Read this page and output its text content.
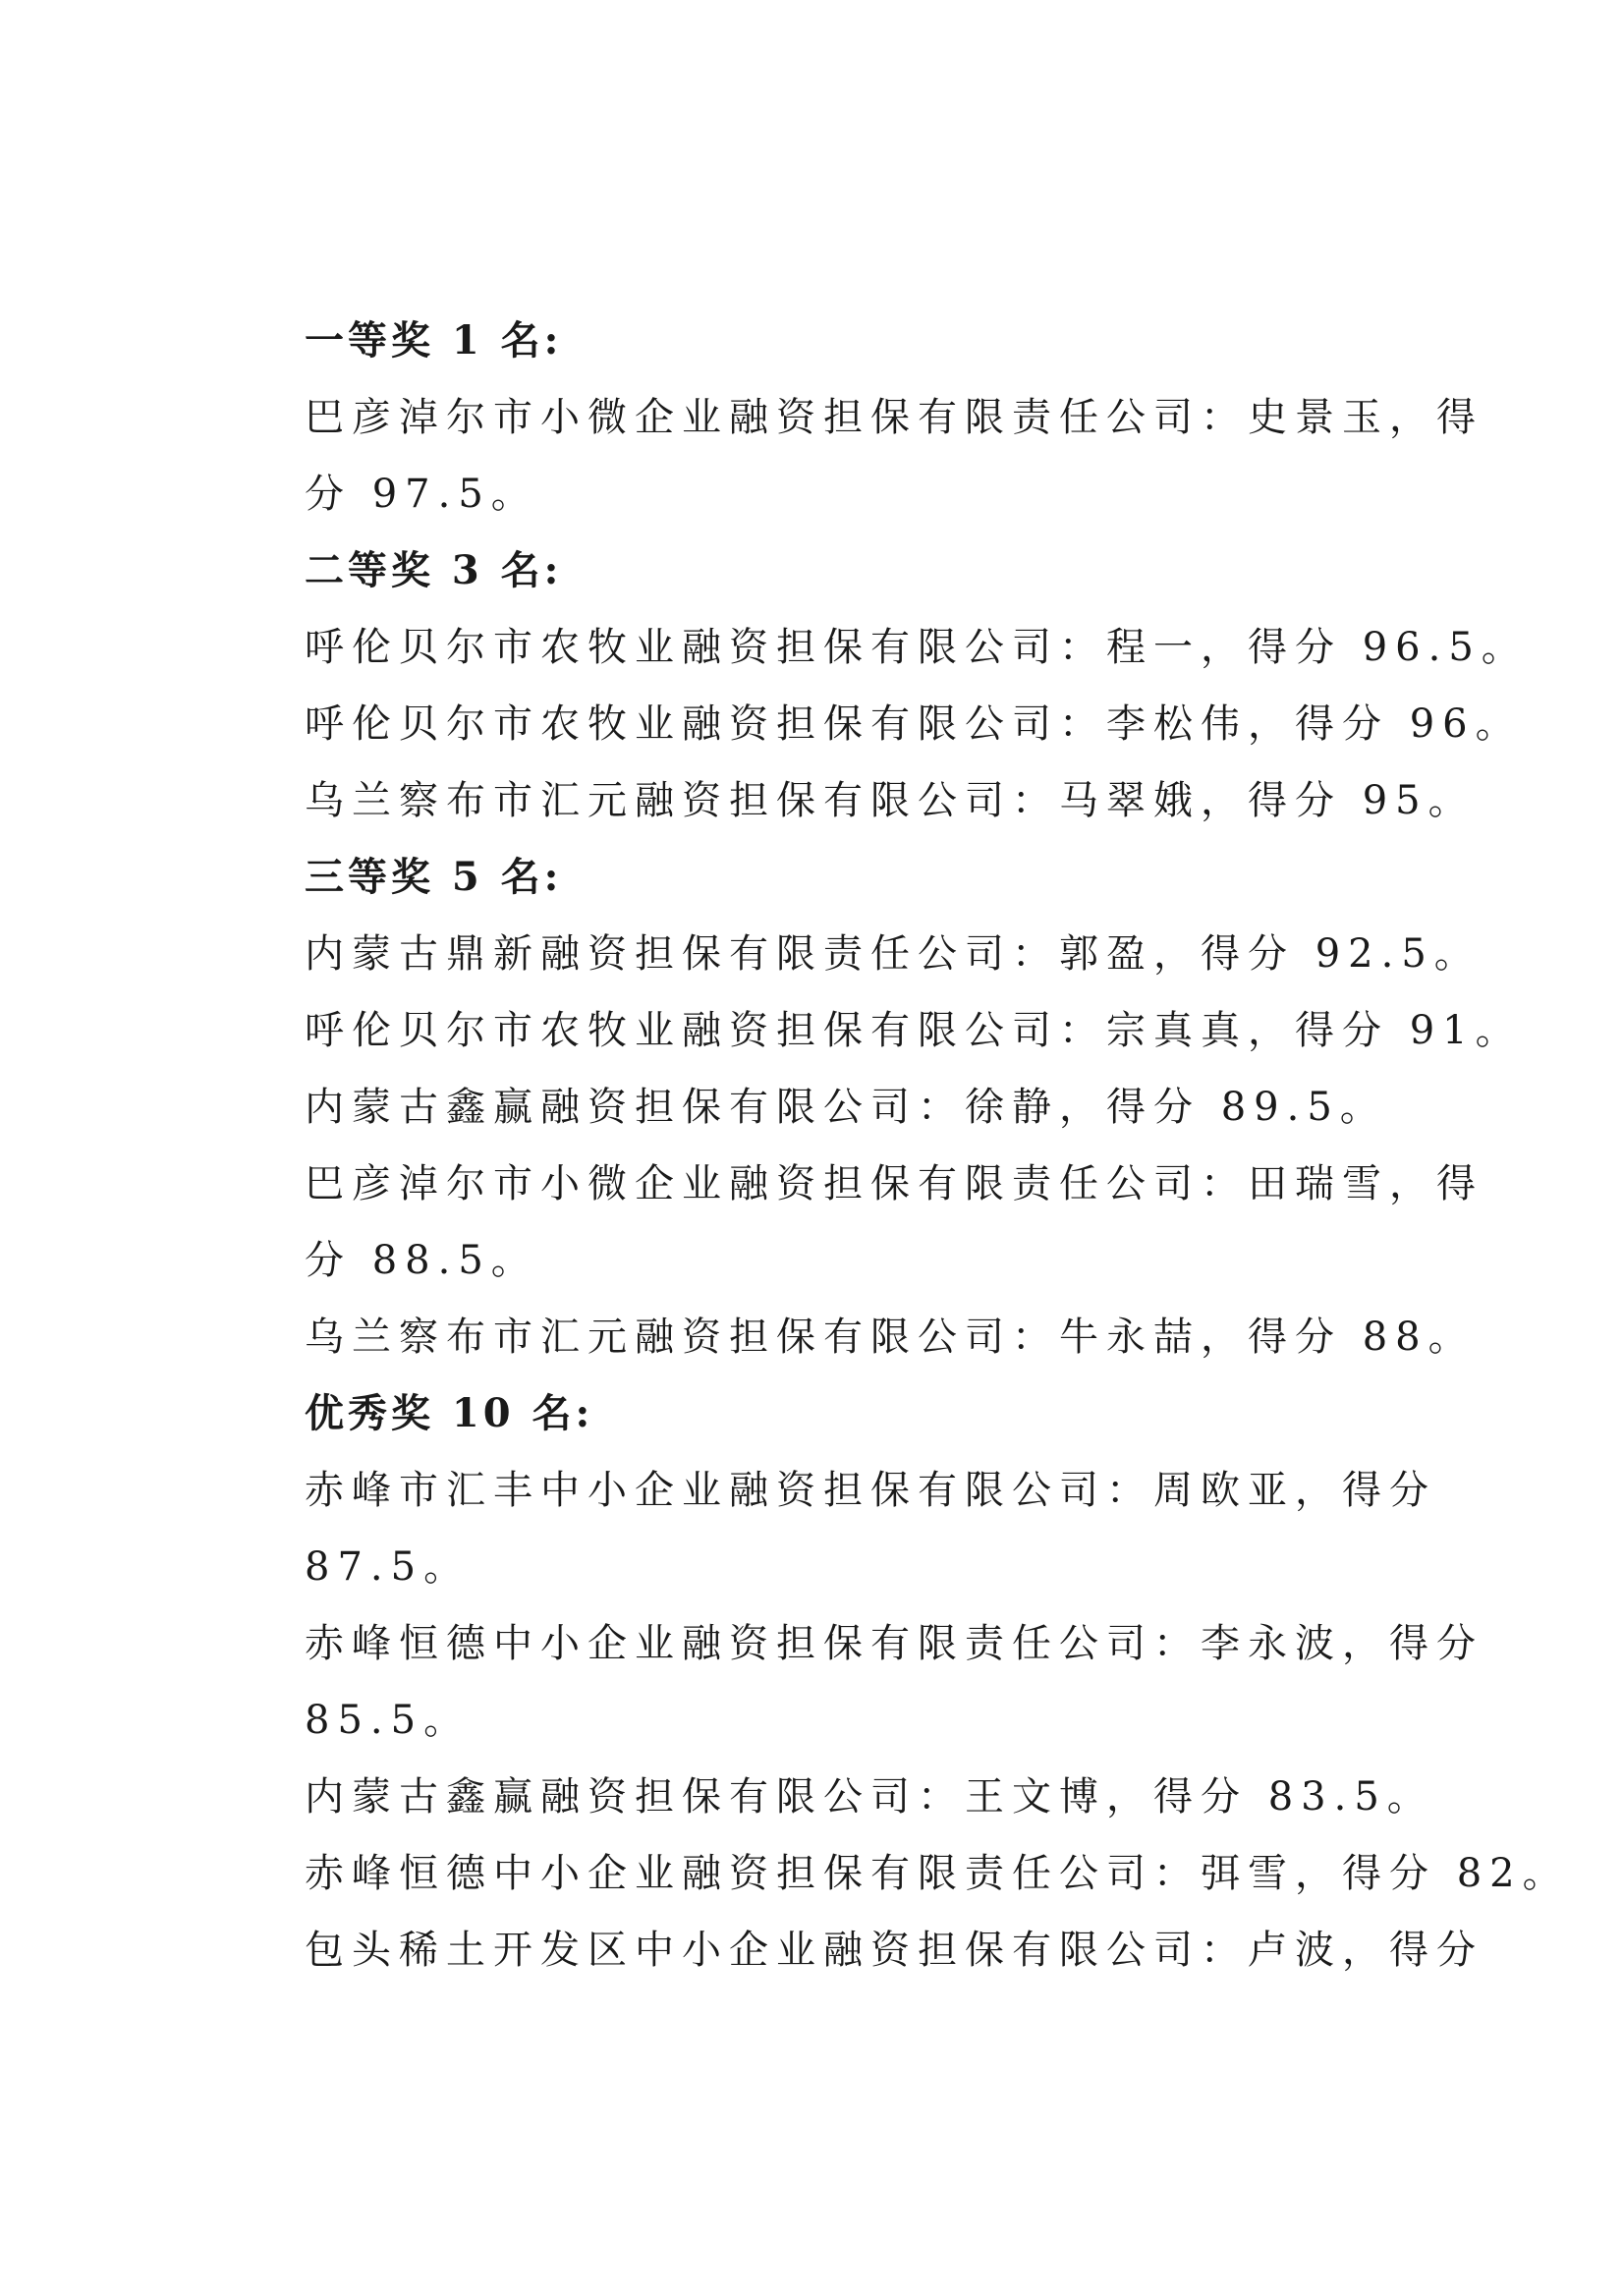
一等奖 1 名:
巴彦淖尔市小微企业融资担保有限责任公司：史景玉，得
分 97.5。
二等奖 3 名:
呼伦贝尔市农牧业融资担保有限公司：程一，得分 96.5。
呼伦贝尔市农牧业融资担保有限公司：李松伟，得分 96。
乌兰察布市汇元融资担保有限公司：马翠娥，得分 95。
三等奖 5 名:
内蒙古鼎新融资担保有限责任公司：郭盈，得分 92.5。
呼伦贝尔市农牧业融资担保有限公司：宗真真，得分 91。
内蒙古鑫赢融资担保有限公司：徐静，得分 89.5。
巴彦淖尔市小微企业融资担保有限责任公司：田瑞雪，得
分 88.5。
乌兰察布市汇元融资担保有限公司：牛永喆，得分 88。
优秀奖 10 名:
赤峰市汇丰中小企业融资担保有限公司：周欧亚，得分
87.5。
赤峰恒德中小企业融资担保有限责任公司：李永波，得分
85.5。
内蒙古鑫赢融资担保有限公司：王文博，得分 83.5。
赤峰恒德中小企业融资担保有限责任公司：弭雪，得分 82。
包头稀土开发区中小企业融资担保有限公司：卢波，得分
